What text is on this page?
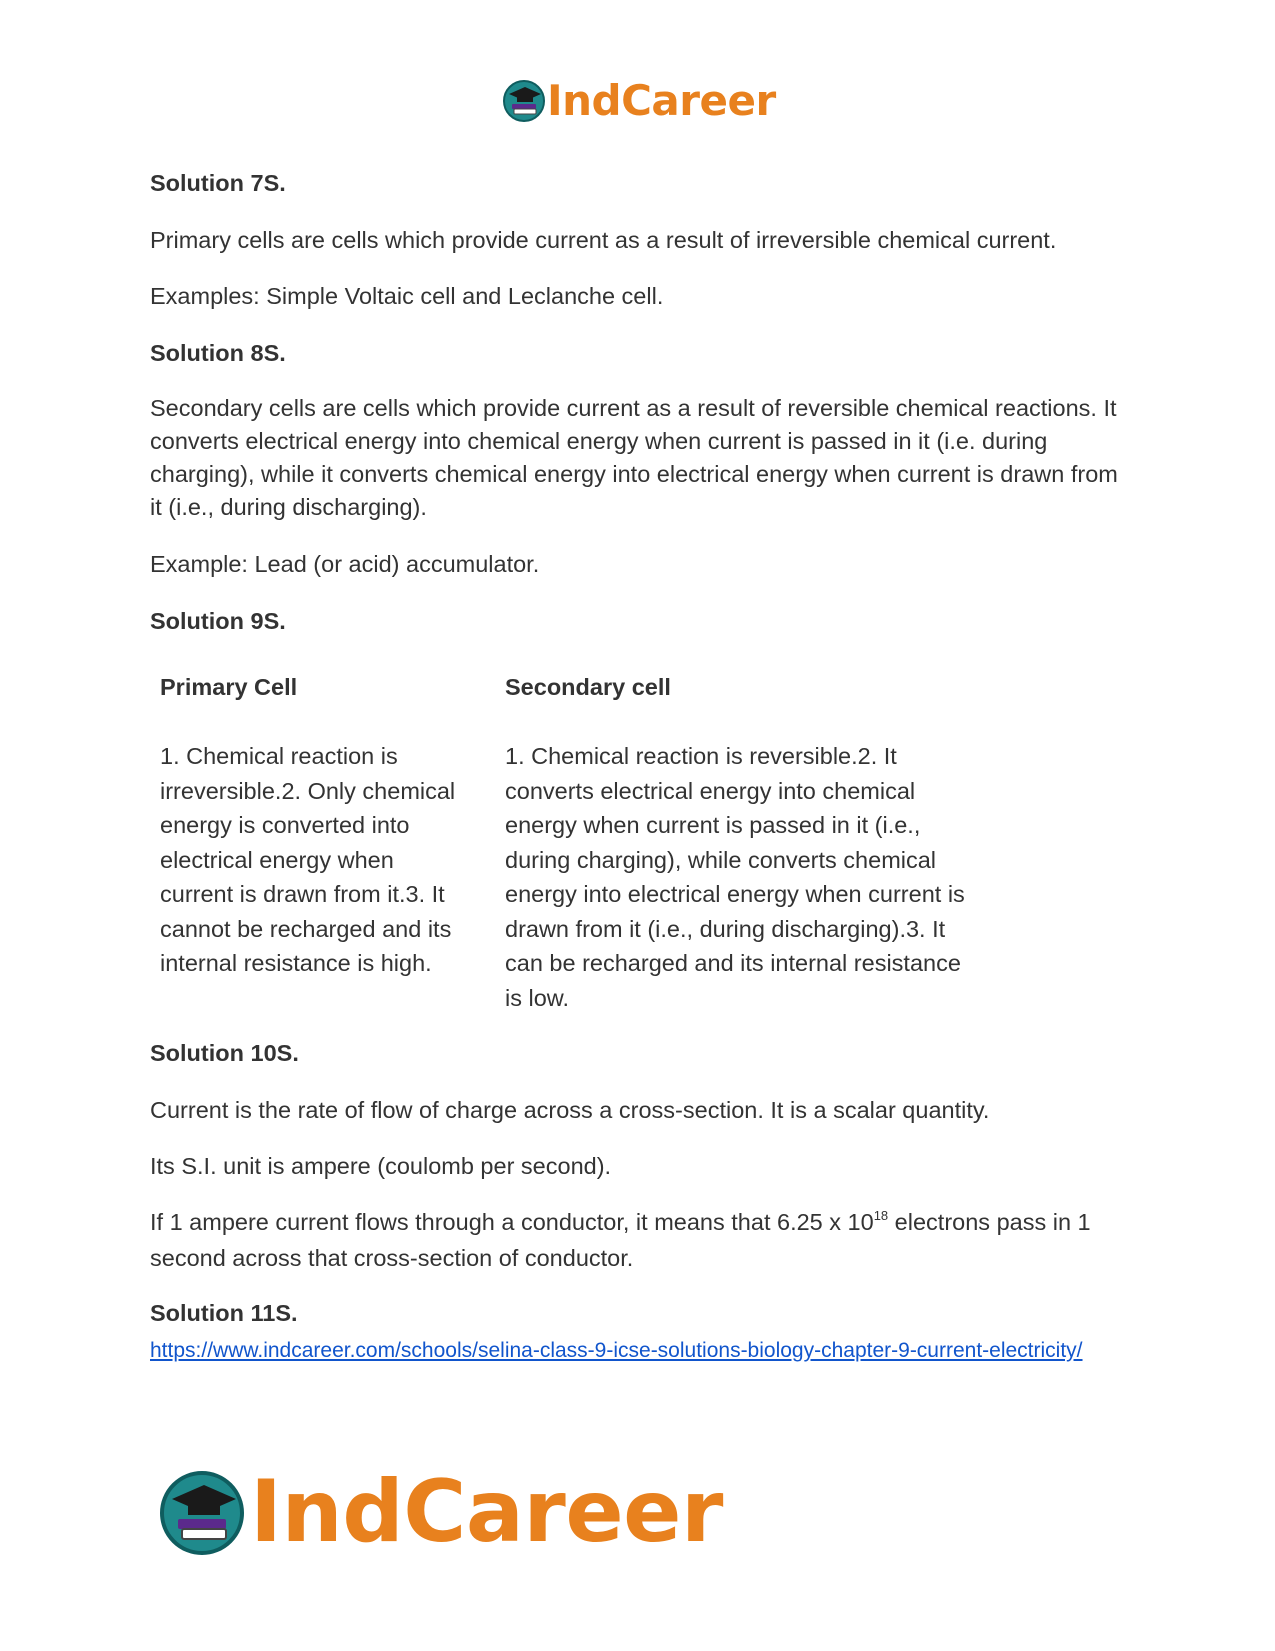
IndCareer

Solution 7S.

Primary cells are cells which provide current as a result of irreversible chemical current.

Examples: Simple Voltaic cell and Leclanche cell.

Solution 8S.

Secondary cells are cells which provide current as a result of reversible chemical reactions. It converts electrical energy into chemical energy when current is passed in it (i.e. during charging), while it converts chemical energy into electrical energy when current is drawn from it (i.e., during discharging).

Example: Lead (or acid) accumulator.

Solution 9S.

Primary Cell	Secondary cell

1. Chemical reaction is irreversible.2. Only chemical energy is converted into electrical energy when current is drawn from it.3. It cannot be recharged and its internal resistance is high.

1. Chemical reaction is reversible.2. It converts electrical energy into chemical energy when current is passed in it (i.e., during charging), while converts chemical energy into electrical energy when current is drawn from it (i.e., during discharging).3. It can be recharged and its internal resistance is low.

Solution 10S.

Current is the rate of flow of charge across a cross-section. It is a scalar quantity.

Its S.I. unit is ampere (coulomb per second).

If 1 ampere current flows through a conductor, it means that 6.25 x $10^{18}$ electrons pass in 1 second across that cross-section of conductor.

Solution 11S.

https://www.indcareer.com/schools/selina-class-9-icse-solutions-biology-chapter-9-current-electricity/

IndCareer
